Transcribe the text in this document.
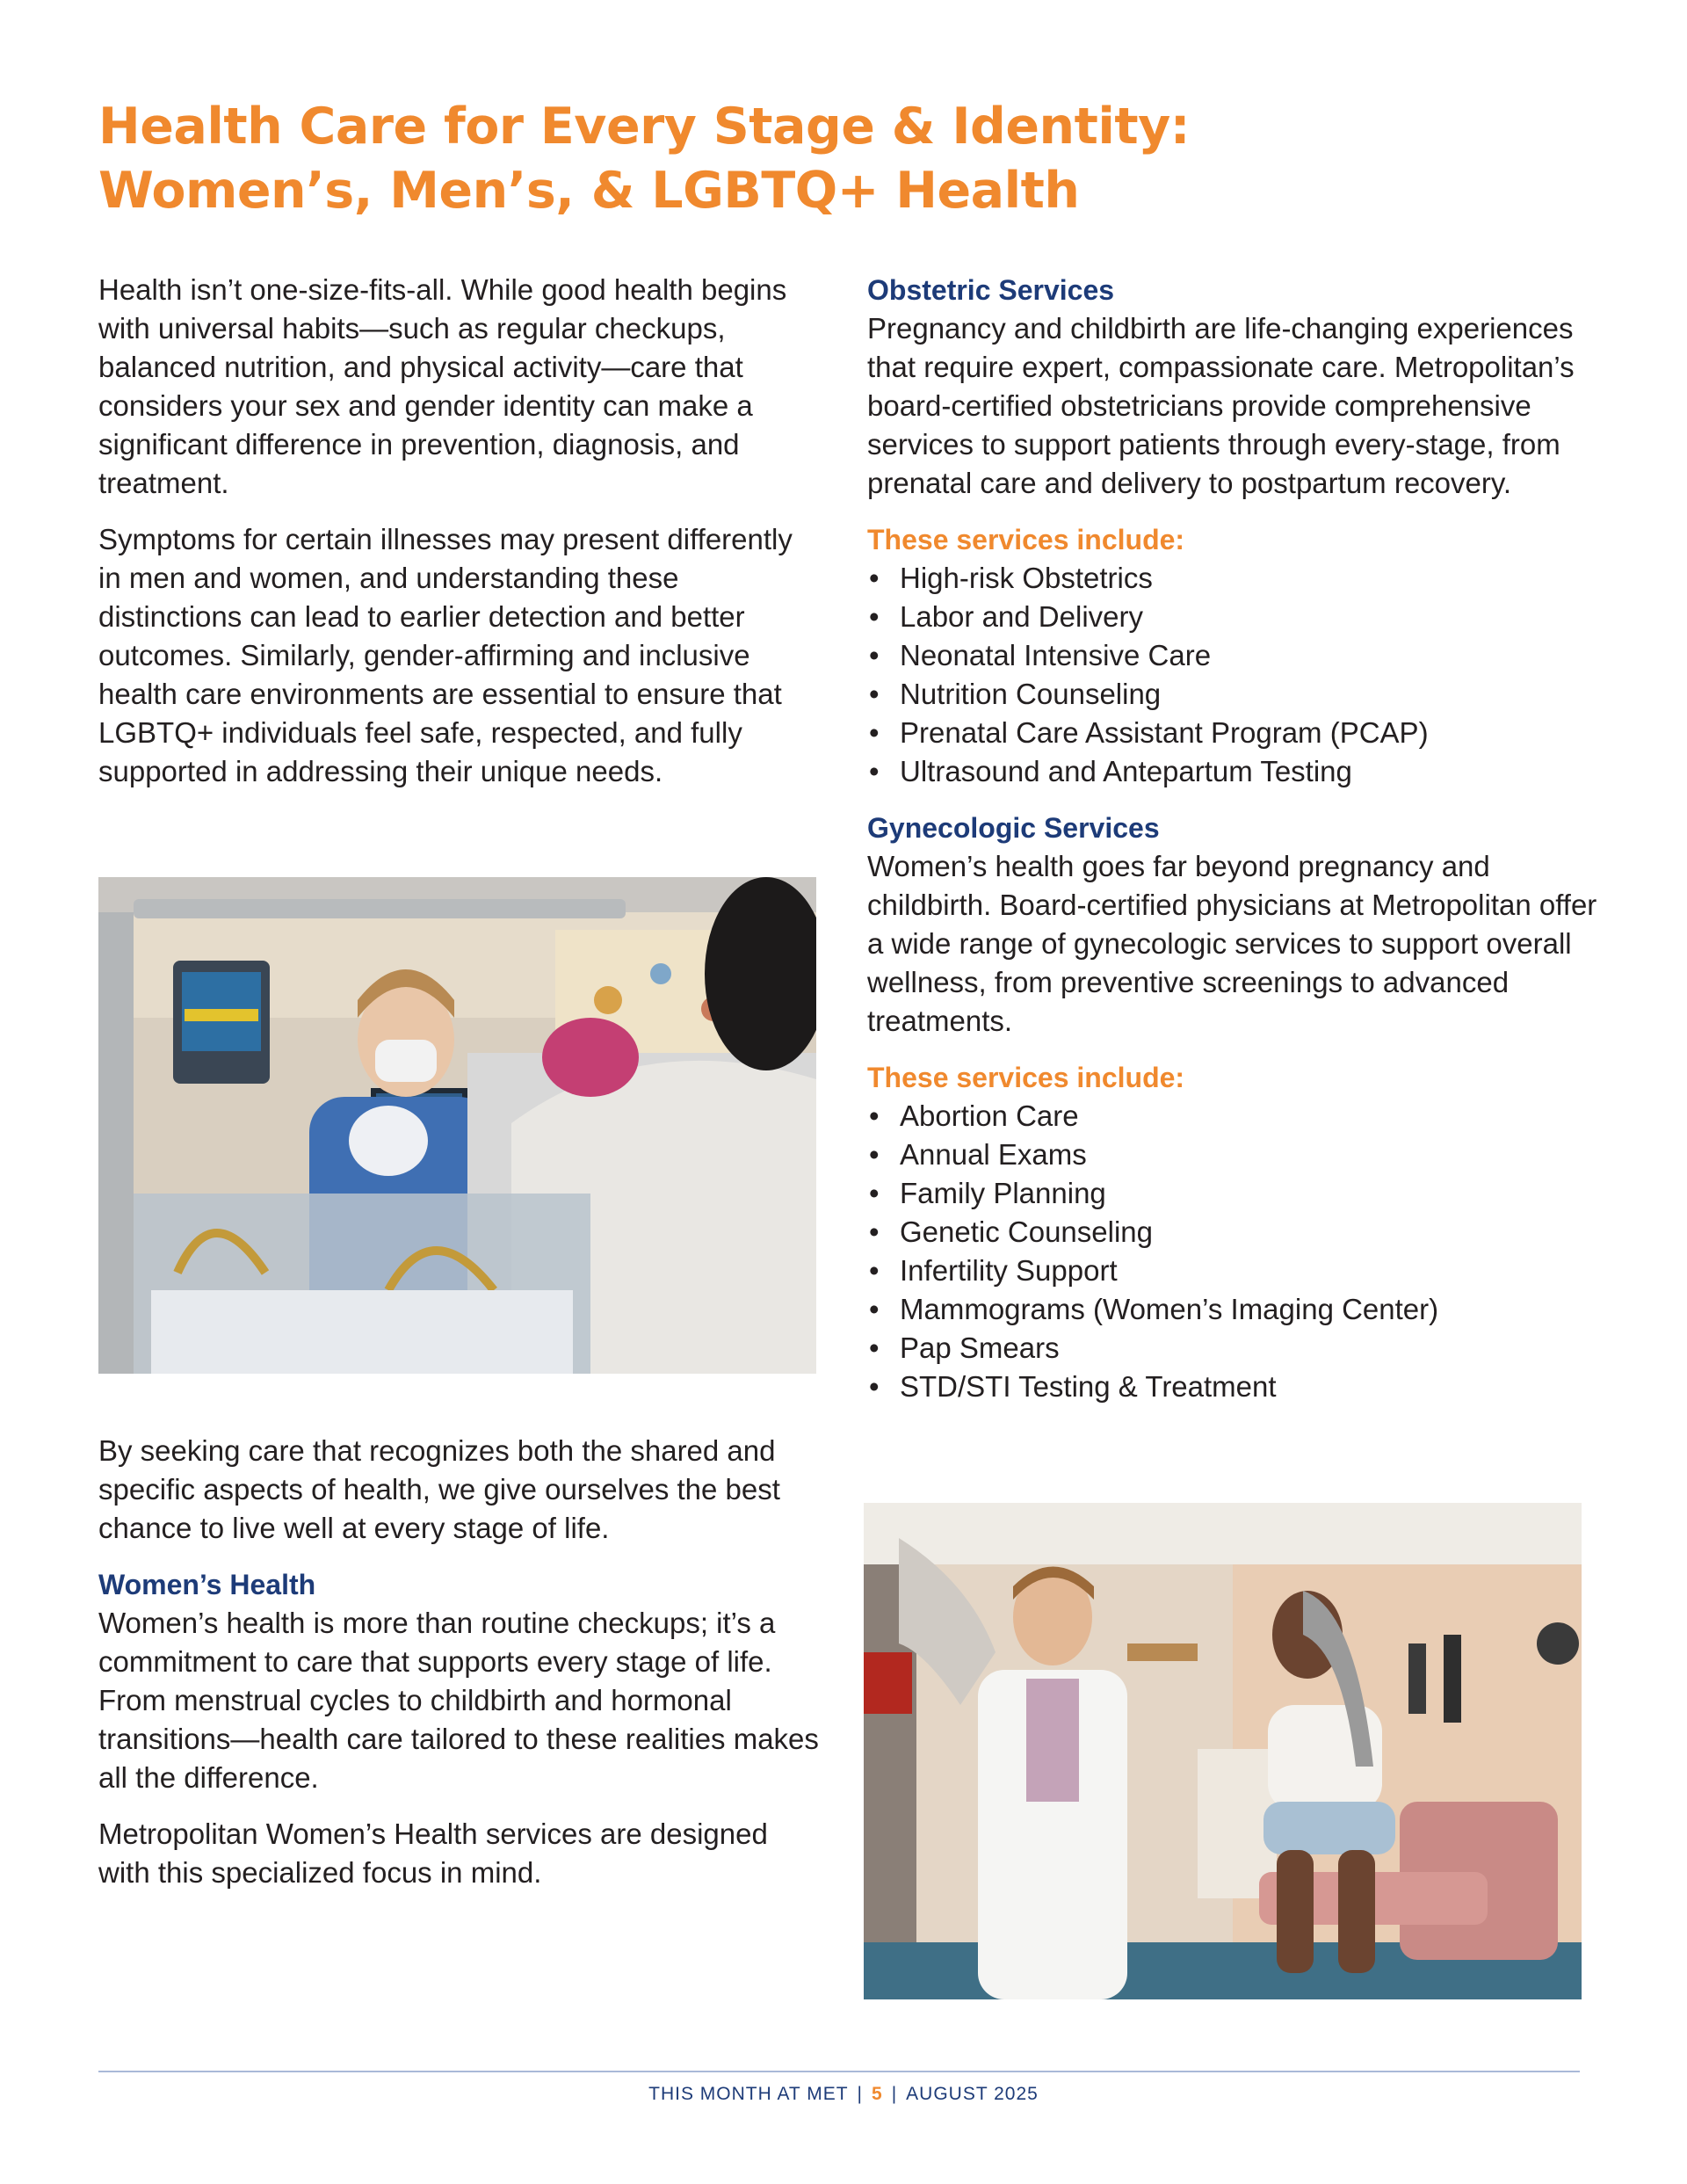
Health Care for Every Stage & Identity:
Women’s, Men’s, & LGBTQ+ Health

Health isn’t one-size-fits-all. While good health begins with universal habits—such as regular checkups, balanced nutrition, and physical activity—care that considers your sex and gender identity can make a significant difference in prevention, diagnosis, and treatment.

Symptoms for certain illnesses may present differently in men and women, and understanding these distinctions can lead to earlier detection and better outcomes. Similarly, gender-affirming and inclusive health care environments are essential to ensure that LGBTQ+ individuals feel safe, respected, and fully supported in addressing their unique needs.

By seeking care that recognizes both the shared and specific aspects of health, we give ourselves the best chance to live well at every stage of life.

Women’s Health

Women’s health is more than routine checkups; it’s a commitment to care that supports every stage of life. From menstrual cycles to childbirth and hormonal transitions—health care tailored to these realities makes all the difference.

Metropolitan Women’s Health services are designed with this specialized focus in mind.

Obstetric Services

Pregnancy and childbirth are life-changing experiences that require expert, compassionate care. Metropolitan’s board-certified obstetricians provide comprehensive services to support patients through every-stage, from prenatal care and delivery to postpartum recovery.

These services include:
• High-risk Obstetrics
• Labor and Delivery
• Neonatal Intensive Care
• Nutrition Counseling
• Prenatal Care Assistant Program (PCAP)
• Ultrasound and Antepartum Testing
Gynecologic Services

Women’s health goes far beyond pregnancy and childbirth. Board-certified physicians at Metropolitan offer a wide range of gynecologic services to support overall wellness, from preventive screenings to advanced treatments.

These services include:
• Abortion Care
• Annual Exams
• Family Planning
• Genetic Counseling
• Infertility Support
• Mammograms (Women’s Imaging Center)
• Pap Smears
• STD/STI Testing & Treatment
THIS MONTH AT MET | 5 | AUGUST 2025
